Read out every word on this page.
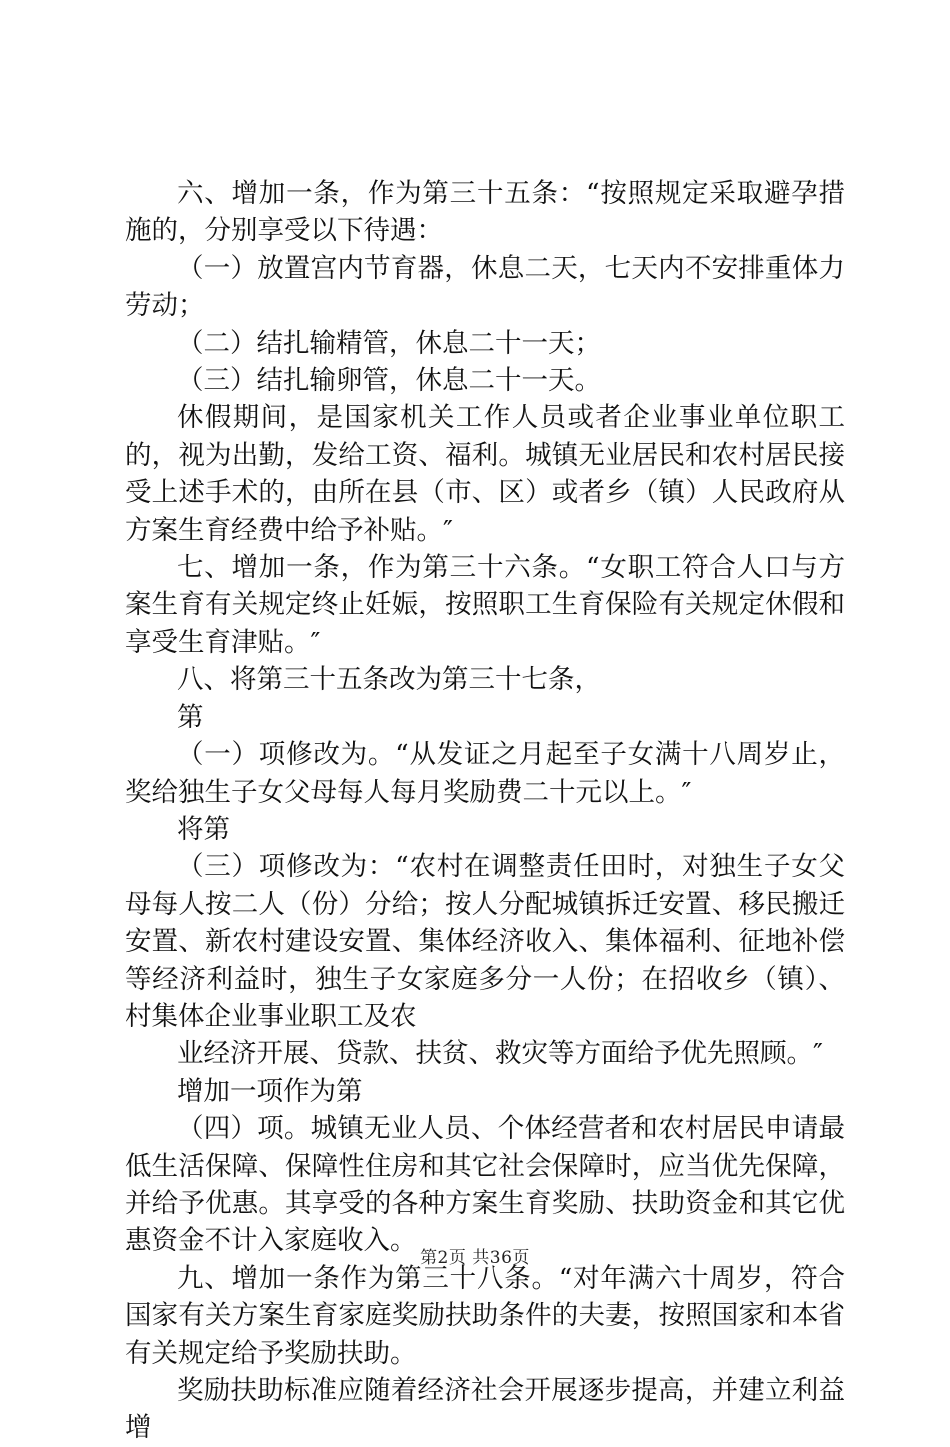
六、增加一条，作为第三十五条：“按照规定采取避孕措施的，分别享受以下待遇：

（一）放置宫内节育器，休息二天，七天内不安排重体力劳动；

（二）结扎输精管，休息二十一天；

（三）结扎输卵管，休息二十一天。

休假期间，是国家机关工作人员或者企业事业单位职工的，视为出勤，发给工资、福利。城镇无业居民和农村居民接受上述手术的，由所在县（市、区）或者乡（镇）人民政府从方案生育经费中给予补贴。″

七、增加一条，作为第三十六条。“女职工符合人口与方案生育有关规定终止妊娠，按照职工生育保险有关规定休假和享受生育津贴。″

八、将第三十五条改为第三十七条，

第

（一）项修改为。“从发证之月起至子女满十八周岁止，奖给独生子女父母每人每月奖励费二十元以上。″

将第

（三）项修改为：“农村在调整责任田时，对独生子女父母每人按二人（份）分给；按人分配城镇拆迁安置、移民搬迁安置、新农村建设安置、集体经济收入、集体福利、征地补偿等经济利益时，独生子女家庭多分一人份；在招收乡（镇）、村集体企业事业职工及农

业经济开展、贷款、扶贫、救灾等方面给予优先照顾。″

增加一项作为第

（四）项。城镇无业人员、个体经营者和农村居民申请最低生活保障、保障性住房和其它社会保障时，应当优先保障，并给予优惠。其享受的各种方案生育奖励、扶助资金和其它优惠资金不计入家庭收入。

九、增加一条作为第三十八条。“对年满六十周岁，符合国家有关方案生育家庭奖励扶助条件的夫妻，按照国家和本省有关规定给予奖励扶助。

奖励扶助标准应随着经济社会开展逐步提高，并建立利益增

第2页 共36页
